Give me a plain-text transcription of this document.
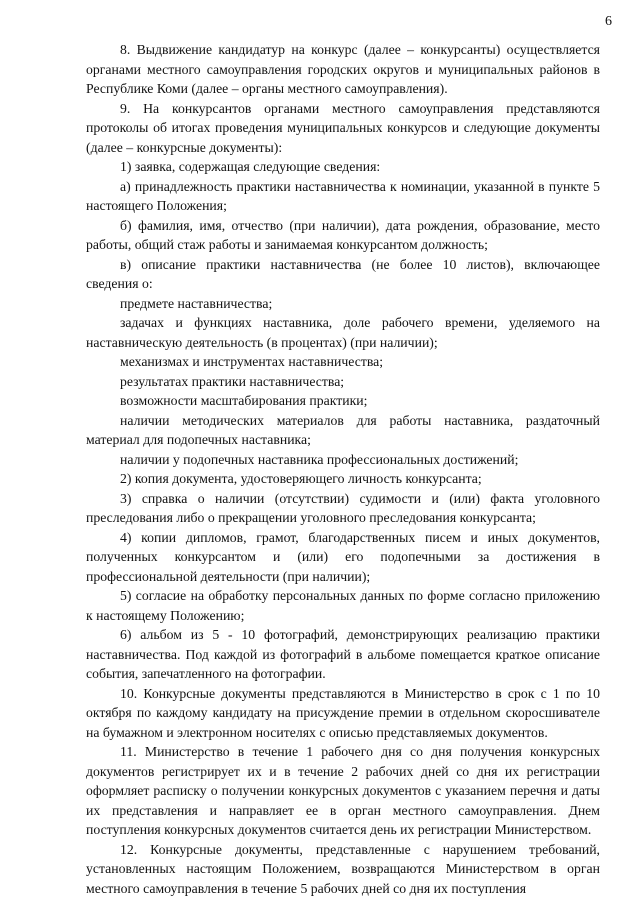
6

8. Выдвижение кандидатур на конкурс (далее – конкурсанты) осуществляется органами местного самоуправления городских округов и муниципальных районов в Республике Коми (далее – органы местного самоуправления).

9. На конкурсантов органами местного самоуправления представляются протоколы об итогах проведения муниципальных конкурсов и следующие документы (далее – конкурсные документы):

1) заявка, содержащая следующие сведения:

а) принадлежность практики наставничества к номинации, указанной в пункте 5 настоящего Положения;

б) фамилия, имя, отчество (при наличии), дата рождения, образование, место работы, общий стаж работы и занимаемая конкурсантом должность;

в) описание практики наставничества (не более 10 листов), включающее сведения о:

предмете наставничества;

задачах и функциях наставника, доле рабочего времени, уделяемого на наставническую деятельность (в процентах) (при наличии);

механизмах и инструментах наставничества;

результатах практики наставничества;

возможности масштабирования практики;

наличии методических материалов для работы наставника, раздаточный материал для подопечных наставника;

наличии у подопечных наставника профессиональных достижений;

2) копия документа, удостоверяющего личность конкурсанта;

3) справка о наличии (отсутствии) судимости и (или) факта уголовного преследования либо о прекращении уголовного преследования конкурсанта;

4) копии дипломов, грамот, благодарственных писем и иных документов, полученных конкурсантом и (или) его подопечными за достижения в профессиональной деятельности (при наличии);

5) согласие на обработку персональных данных по форме согласно приложению к настоящему Положению;

6) альбом из 5 - 10 фотографий, демонстрирующих реализацию практики наставничества. Под каждой из фотографий в альбоме помещается краткое описание события, запечатленного на фотографии.

10. Конкурсные документы представляются в Министерство в срок с 1 по 10 октября по каждому кандидату на присуждение премии в отдельном скоросшивателе на бумажном и электронном носителях с описью представляемых документов.

11. Министерство в течение 1 рабочего дня со дня получения конкурсных документов регистрирует их и в течение 2 рабочих дней со дня их регистрации оформляет расписку о получении конкурсных документов с указанием перечня и даты их представления и направляет ее в орган местного самоуправления. Днем поступления конкурсных документов считается день их регистрации Министерством.

12. Конкурсные документы, представленные с нарушением требований, установленных настоящим Положением, возвращаются Министерством в орган местного самоуправления в течение 5 рабочих дней со дня их поступления
